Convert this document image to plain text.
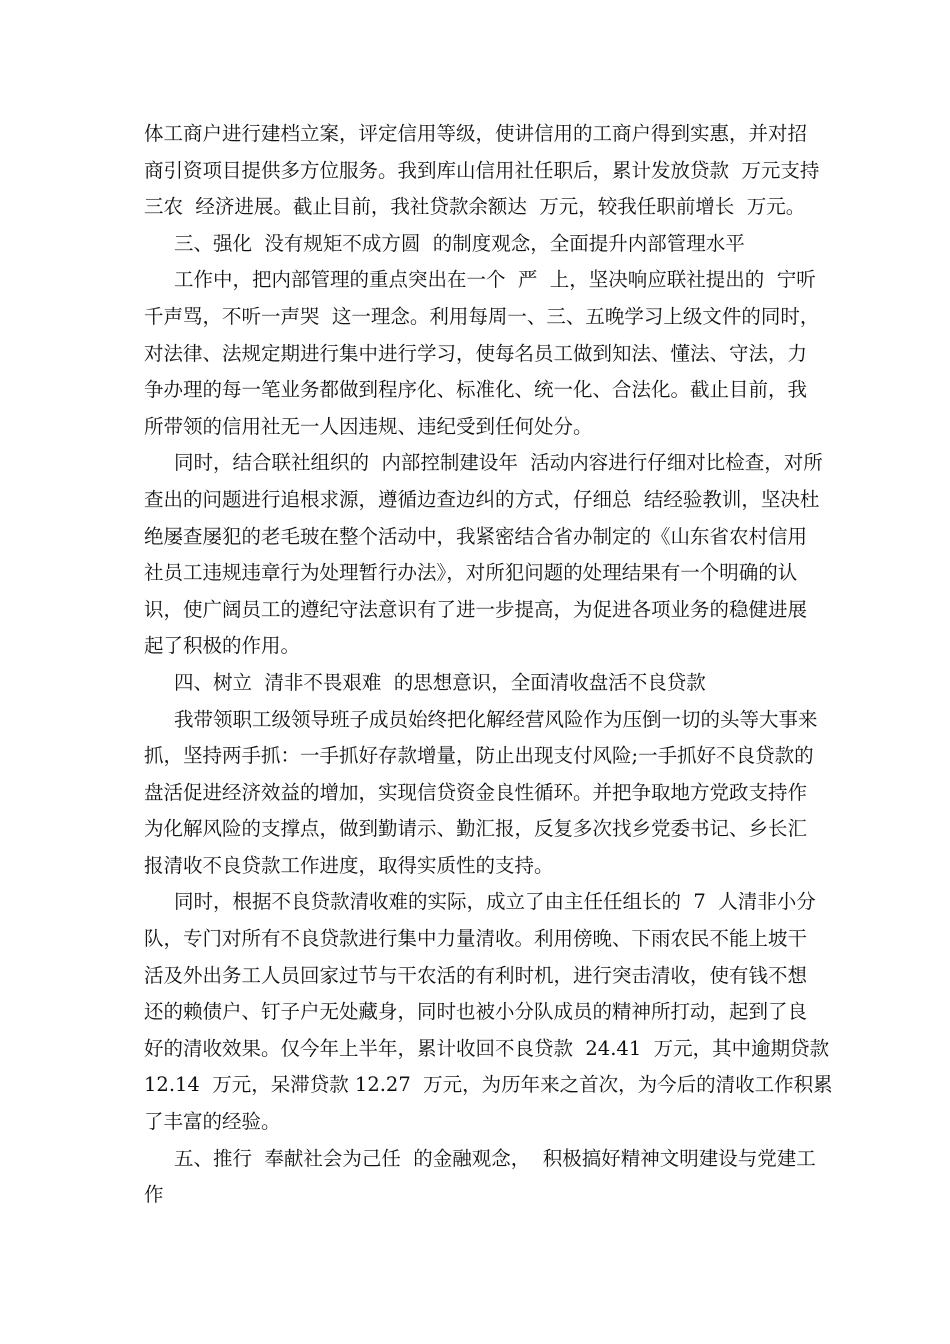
体工商户进行建档立案，评定信用等级，使讲信用的工商户得到实惠，并对招
商引资项目提供多方位服务。我到库山信用社任职后，累计发放贷款  万元支持
三农  经济进展。截止目前，我社贷款余额达  万元，较我任职前增长  万元。
三、强化  没有规矩不成方圆  的制度观念，全面提升内部管理水平
工作中，把内部管理的重点突出在一个  严  上，坚决响应联社提出的  宁听
千声骂，不听一声哭  这一理念。利用每周一、三、五晚学习上级文件的同时，
对法律、法规定期进行集中进行学习，使每名员工做到知法、懂法、守法，力
争办理的每一笔业务都做到程序化、标准化、统一化、合法化。截止目前，我
所带领的信用社无一人因违规、违纪受到任何处分。
同时，结合联社组织的  内部控制建设年  活动内容进行仔细对比检查，对所
查出的问题进行追根求源，遵循边查边纠的方式，仔细总  结经验教训，坚决杜
绝屡查屡犯的老毛玻在整个活动中，我紧密结合省办制定的《山东省农村信用
社员工违规违章行为处理暂行办法》，对所犯问题的处理结果有一个明确的认
识，使广阔员工的遵纪守法意识有了进一步提高，为促进各项业务的稳健进展
起了积极的作用。
四、树立  清非不畏艰难  的思想意识，全面清收盘活不良贷款
我带领职工级领导班子成员始终把化解经营风险作为压倒一切的头等大事来
抓，坚持两手抓：一手抓好存款增量，防止出现支付风险;一手抓好不良贷款的
盘活促进经济效益的增加，实现信贷资金良性循环。并把争取地方党政支持作
为化解风险的支撑点，做到勤请示、勤汇报，反复多次找乡党委书记、乡长汇
报清收不良贷款工作进度，取得实质性的支持。
同时，根据不良贷款清收难的实际，成立了由主任任组长的  7  人清非小分
队，专门对所有不良贷款进行集中力量清收。利用傍晚、下雨农民不能上坡干
活及外出务工人员回家过节与干农活的有利时机，进行突击清收，使有钱不想
还的赖债户、钉子户无处藏身，同时也被小分队成员的精神所打动，起到了良
好的清收效果。仅今年上半年，累计收回不良贷款  24.41  万元，其中逾期贷款
12.14  万元，呆滞贷款 12.27  万元，为历年来之首次，为今后的清收工作积累
了丰富的经验。
五、推行  奉献社会为己任  的金融观念，  积极搞好精神文明建设与党建工
作
